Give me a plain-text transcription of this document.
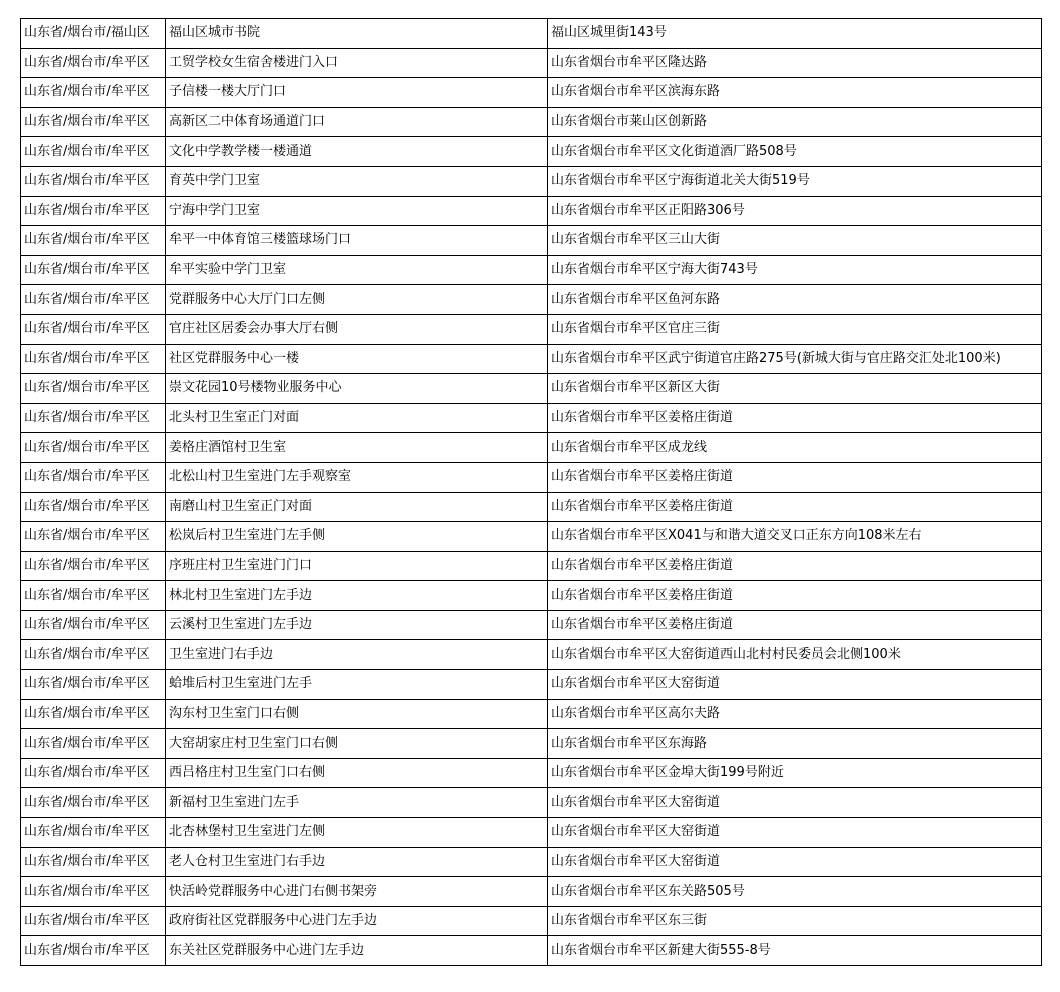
山东省/烟台市/福山区	福山区城市书院	福山区城里街143号
山东省/烟台市/牟平区	工贸学校女生宿舍楼进门入口	山东省烟台市牟平区隆达路
山东省/烟台市/牟平区	子信楼一楼大厅门口	山东省烟台市牟平区滨海东路
山东省/烟台市/牟平区	高新区二中体育场通道门口	山东省烟台市莱山区创新路
山东省/烟台市/牟平区	文化中学教学楼一楼通道	山东省烟台市牟平区文化街道酒厂路508号
山东省/烟台市/牟平区	育英中学门卫室	山东省烟台市牟平区宁海街道北关大街519号
山东省/烟台市/牟平区	宁海中学门卫室	山东省烟台市牟平区正阳路306号
山东省/烟台市/牟平区	牟平一中体育馆三楼篮球场门口	山东省烟台市牟平区三山大街
山东省/烟台市/牟平区	牟平实验中学门卫室	山东省烟台市牟平区宁海大街743号
山东省/烟台市/牟平区	党群服务中心大厅门口左侧	山东省烟台市牟平区鱼河东路
山东省/烟台市/牟平区	官庄社区居委会办事大厅右侧	山东省烟台市牟平区官庄三街
山东省/烟台市/牟平区	社区党群服务中心一楼	山东省烟台市牟平区武宁街道官庄路275号(新城大街与官庄路交汇处北100米)
山东省/烟台市/牟平区	崇文花园10号楼物业服务中心	山东省烟台市牟平区新区大街
山东省/烟台市/牟平区	北头村卫生室正门对面	山东省烟台市牟平区姜格庄街道
山东省/烟台市/牟平区	姜格庄酒馆村卫生室	山东省烟台市牟平区成龙线
山东省/烟台市/牟平区	北松山村卫生室进门左手观察室	山东省烟台市牟平区姜格庄街道
山东省/烟台市/牟平区	南磨山村卫生室正门对面	山东省烟台市牟平区姜格庄街道
山东省/烟台市/牟平区	松岚后村卫生室进门左手侧	山东省烟台市牟平区X041与和谐大道交叉口正东方向108米左右
山东省/烟台市/牟平区	序班庄村卫生室进门门口	山东省烟台市牟平区姜格庄街道
山东省/烟台市/牟平区	林北村卫生室进门左手边	山东省烟台市牟平区姜格庄街道
山东省/烟台市/牟平区	云溪村卫生室进门左手边	山东省烟台市牟平区姜格庄街道
山东省/烟台市/牟平区	卫生室进门右手边	山东省烟台市牟平区大窑街道西山北村村民委员会北侧100米
山东省/烟台市/牟平区	蛤堆后村卫生室进门左手	山东省烟台市牟平区大窑街道
山东省/烟台市/牟平区	沟东村卫生室门口右侧	山东省烟台市牟平区高尔夫路
山东省/烟台市/牟平区	大窑胡家庄村卫生室门口右侧	山东省烟台市牟平区东海路
山东省/烟台市/牟平区	西吕格庄村卫生室门口右侧	山东省烟台市牟平区金埠大街199号附近
山东省/烟台市/牟平区	新福村卫生室进门左手	山东省烟台市牟平区大窑街道
山东省/烟台市/牟平区	北杏林堡村卫生室进门左侧	山东省烟台市牟平区大窑街道
山东省/烟台市/牟平区	老人仓村卫生室进门右手边	山东省烟台市牟平区大窑街道
山东省/烟台市/牟平区	快活岭党群服务中心进门右侧书架旁	山东省烟台市牟平区东关路505号
山东省/烟台市/牟平区	政府街社区党群服务中心进门左手边	山东省烟台市牟平区东三街
山东省/烟台市/牟平区	东关社区党群服务中心进门左手边	山东省烟台市牟平区新建大街555-8号
